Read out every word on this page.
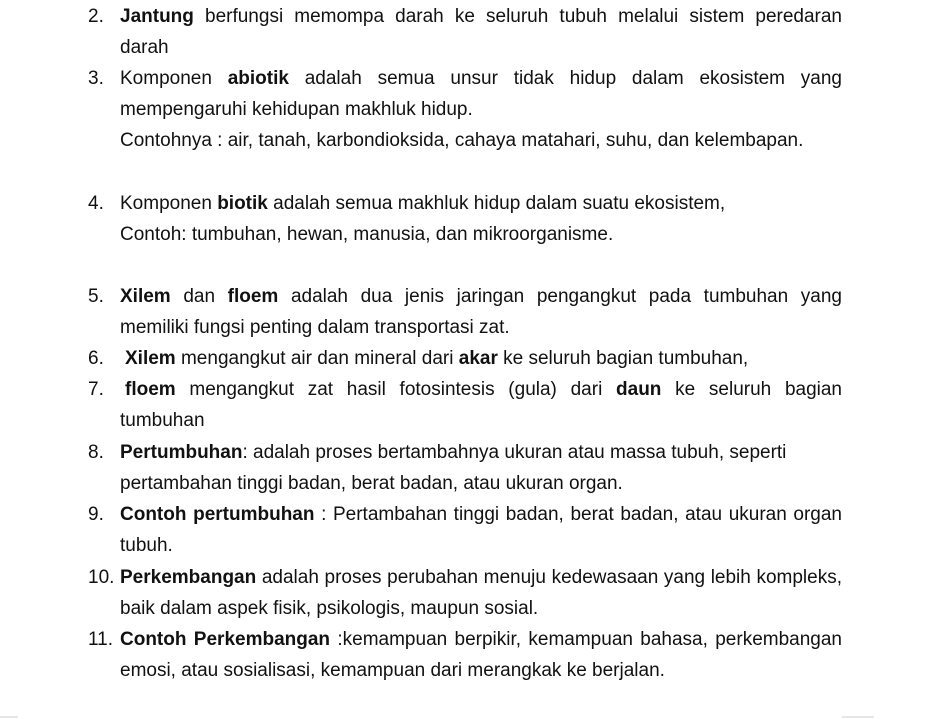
2. Jantung berfungsi memompa darah ke seluruh tubuh melalui sistem peredaran darah
3. Komponen abiotik adalah semua unsur tidak hidup dalam ekosistem yang mempengaruhi kehidupan makhluk hidup.
Contohnya : air, tanah, karbondioksida, cahaya matahari, suhu, dan kelembapan.
4. Komponen biotik adalah semua makhluk hidup dalam suatu ekosistem,
Contoh: tumbuhan, hewan, manusia, dan mikroorganisme.
5. Xilem dan floem adalah dua jenis jaringan pengangkut pada tumbuhan yang memiliki fungsi penting dalam transportasi zat.
6. Xilem mengangkut air dan mineral dari akar ke seluruh bagian tumbuhan,
7. floem mengangkut zat hasil fotosintesis (gula) dari daun ke seluruh bagian tumbuhan
8. Pertumbuhan: adalah proses bertambahnya ukuran atau massa tubuh, seperti pertambahan tinggi badan, berat badan, atau ukuran organ.
9. Contoh pertumbuhan : Pertambahan tinggi badan, berat badan, atau ukuran organ tubuh.
10. Perkembangan adalah proses perubahan menuju kedewasaan yang lebih kompleks, baik dalam aspek fisik, psikologis, maupun sosial.
11. Contoh Perkembangan :kemampuan berpikir, kemampuan bahasa, perkembangan emosi, atau sosialisasi, kemampuan dari merangkak ke berjalan.
